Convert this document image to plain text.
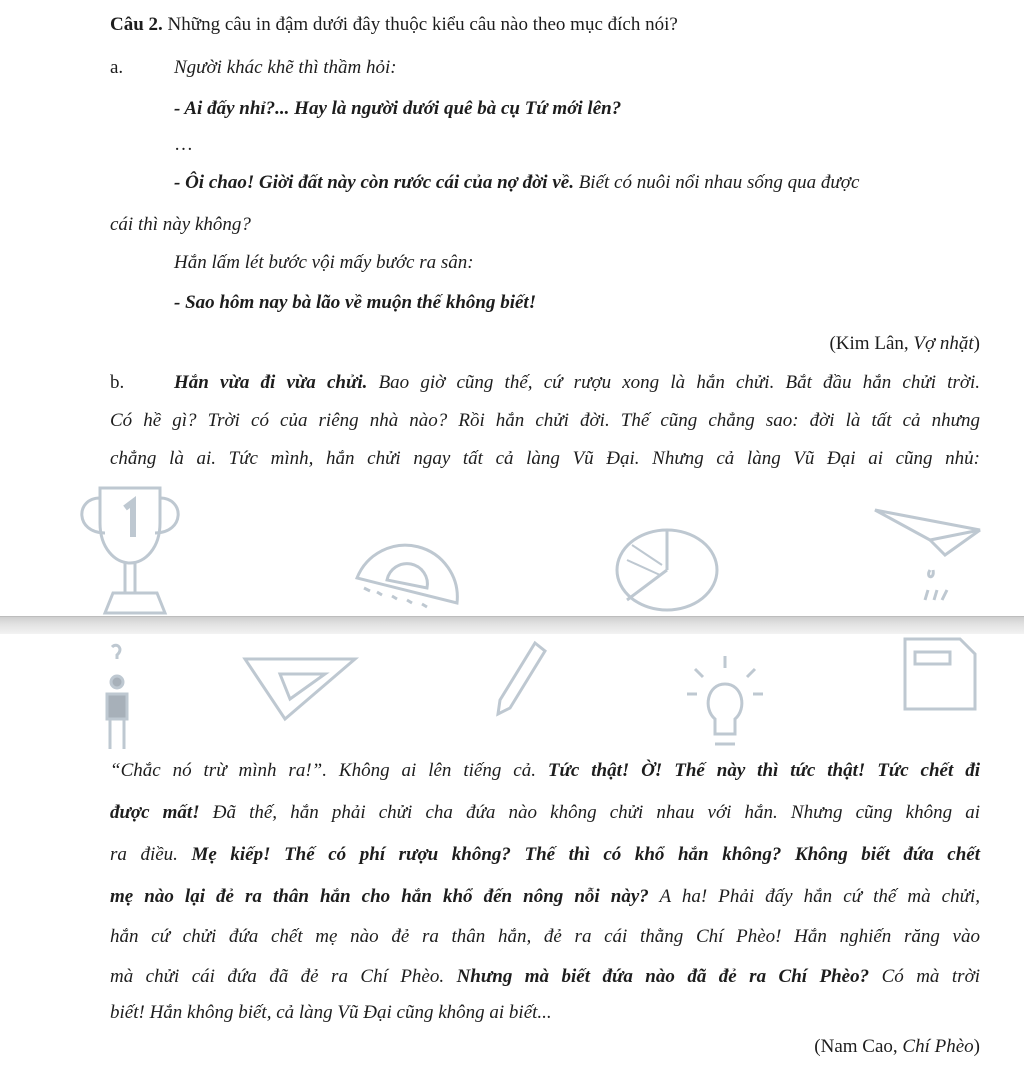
Câu 2. Những câu in đậm dưới đây thuộc kiểu câu nào theo mục đích nói?
a.	Người khác khẽ thì thầm hỏi:
- Ai đấy nhỉ?... Hay là người dưới quê bà cụ Tứ mới lên?
…
- Ôi chao! Giời đất này còn rước cái của nợ đời về. Biết có nuôi nổi nhau sống qua được
cái thì này không?
Hắn lấm lét bước vội mấy bước ra sân:
- Sao hôm nay bà lão về muộn thế không biết!
(Kim Lân, Vợ nhặt)
b.	Hắn vừa đi vừa chửi. Bao giờ cũng thế, cứ rượu xong là hắn chửi. Bắt đầu hắn chửi trời.
Có hề gì? Trời có của riêng nhà nào? Rồi hắn chửi đời. Thế cũng chẳng sao: đời là tất cả nhưng
chẳng là ai. Tức mình, hắn chửi ngay tất cả làng Vũ Đại. Nhưng cả làng Vũ Đại ai cũng nhủ:
“Chắc nó trừ mình ra!”. Không ai lên tiếng cả. Tức thật! Ờ! Thế này thì tức thật! Tức chết đi
được mất! Đã thế, hắn phải chửi cha đứa nào không chửi nhau với hắn. Nhưng cũng không ai
ra điều. Mẹ kiếp! Thế có phí rượu không? Thế thì có khổ hắn không? Không biết đứa chết
mẹ nào lại đẻ ra thân hắn cho hắn khổ đến nông nỗi này? A ha! Phải đấy hắn cứ thế mà chửi,
hắn cứ chửi đứa chết mẹ nào đẻ ra thân hắn, đẻ ra cái thằng Chí Phèo! Hắn nghiến răng vào
mà chửi cái đứa đã đẻ ra Chí Phèo. Nhưng mà biết đứa nào đã đẻ ra Chí Phèo? Có mà trời
biết! Hắn không biết, cả làng Vũ Đại cũng không ai biết...
(Nam Cao, Chí Phèo)
